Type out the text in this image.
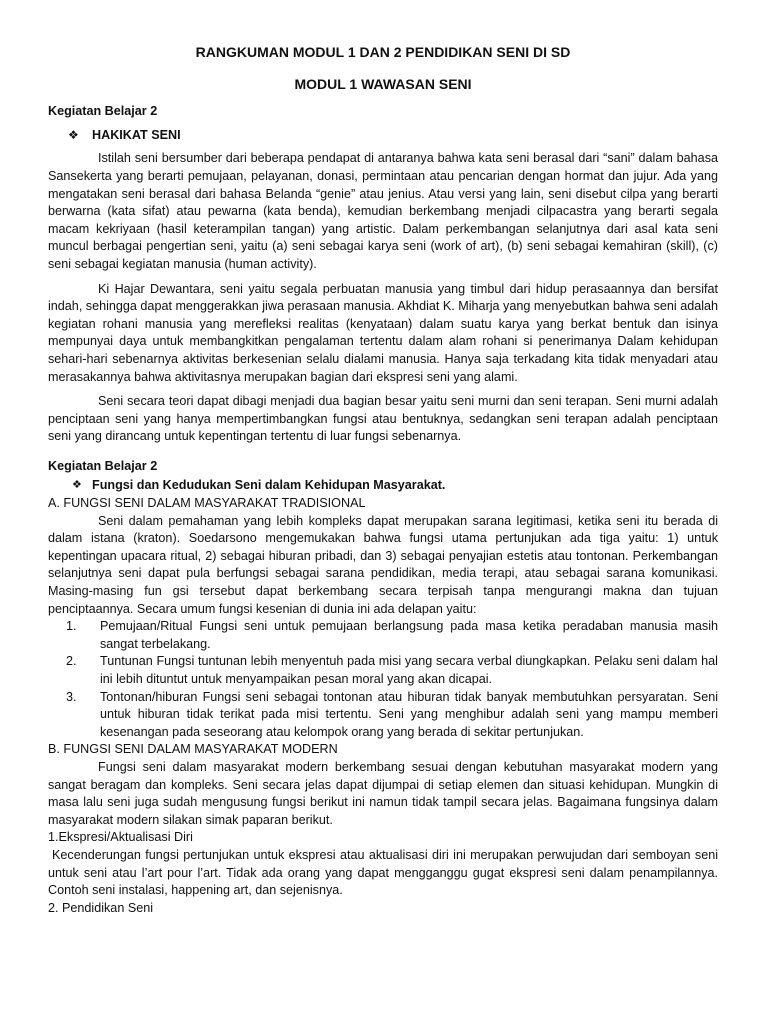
RANGKUMAN MODUL 1 DAN 2 PENDIDIKAN SENI DI SD

MODUL 1 WAWASAN SENI

Kegiatan Belajar 2

❖	HAKIKAT SENI

Istilah seni bersumber dari beberapa pendapat di antaranya bahwa kata seni berasal dari “sani” dalam bahasa Sansekerta yang berarti pemujaan, pelayanan, donasi, permintaan atau pencarian dengan hormat dan jujur. Ada yang mengatakan seni berasal dari bahasa Belanda “genie” atau jenius. Atau versi yang lain, seni disebut cilpa yang berarti berwarna (kata sifat) atau pewarna (kata benda), kemudian berkembang menjadi cilpacastra yang berarti segala macam kekriyaan (hasil keterampilan tangan) yang artistic. Dalam perkembangan selanjutnya dari asal kata seni muncul berbagai pengertian seni, yaitu (a) seni sebagai karya seni (work of art), (b) seni sebagai kemahiran (skill), (c) seni sebagai kegiatan manusia (human activity).

Ki Hajar Dewantara, seni yaitu segala perbuatan manusia yang timbul dari hidup perasaannya dan bersifat indah, sehingga dapat menggerakkan jiwa perasaan manusia. Akhdiat K. Miharja yang menyebutkan bahwa seni adalah kegiatan rohani manusia yang merefleksi realitas (kenyataan) dalam suatu karya yang berkat bentuk dan isinya mempunyai daya untuk membangkitkan pengalaman tertentu dalam alam rohani si penerimanya Dalam kehidupan sehari-hari sebenarnya aktivitas berkesenian selalu dialami manusia. Hanya saja terkadang kita tidak menyadari atau merasakannya bahwa aktivitasnya merupakan bagian dari ekspresi seni yang alami.

Seni secara teori dapat dibagi menjadi dua bagian besar yaitu seni murni dan seni terapan. Seni murni adalah penciptaan seni yang hanya mempertimbangkan fungsi atau bentuknya, sedangkan seni terapan adalah penciptaan seni yang dirancang untuk kepentingan tertentu di luar fungsi sebenarnya.

Kegiatan Belajar 2

❖ Fungsi dan Kedudukan Seni dalam Kehidupan Masyarakat.

A. FUNGSI SENI DALAM MASYARAKAT TRADISIONAL

Seni dalam pemahaman yang lebih kompleks dapat merupakan sarana legitimasi, ketika seni itu berada di dalam istana (kraton). Soedarsono mengemukakan bahwa fungsi utama pertunjukan ada tiga yaitu: 1) untuk kepentingan upacara ritual, 2) sebagai hiburan pribadi, dan 3) sebagai penyajian estetis atau tontonan. Perkembangan selanjutnya seni dapat pula berfungsi sebagai sarana pendidikan, media terapi, atau sebagai sarana komunikasi. Masing-masing fun gsi tersebut dapat berkembang secara terpisah tanpa mengurangi makna dan tujuan penciptaannya. Secara umum fungsi kesenian di dunia ini ada delapan yaitu:

1.	Pemujaan/Ritual Fungsi seni untuk pemujaan berlangsung pada masa ketika peradaban manusia masih sangat terbelakang.
2.	Tuntunan Fungsi tuntunan lebih menyentuh pada misi yang secara verbal diungkapkan. Pelaku seni dalam hal ini lebih dituntut untuk menyampaikan pesan moral yang akan dicapai.
3.	Tontonan/hiburan Fungsi seni sebagai tontonan atau hiburan tidak banyak membutuhkan persyaratan. Seni untuk hiburan tidak terikat pada misi tertentu. Seni yang menghibur adalah seni yang mampu memberi kesenangan pada seseorang atau kelompok orang yang berada di sekitar pertunjukan.

B. FUNGSI SENI DALAM MASYARAKAT MODERN

Fungsi seni dalam masyarakat modern berkembang sesuai dengan kebutuhan masyarakat modern yang sangat beragam dan kompleks. Seni secara jelas dapat dijumpai di setiap elemen dan situasi kehidupan. Mungkin di masa lalu seni juga sudah mengusung fungsi berikut ini namun tidak tampil secara jelas. Bagaimana fungsinya dalam masyarakat modern silakan simak paparan berikut.

1.Ekspresi/Aktualisasi Diri

Kecenderungan fungsi pertunjukan untuk ekspresi atau aktualisasi diri ini merupakan perwujudan dari semboyan seni untuk seni atau l’art pour l’art. Tidak ada orang yang dapat mengganggu gugat ekspresi seni dalam penampilannya. Contoh seni instalasi, happening art, dan sejenisnya.

2. Pendidikan Seni
